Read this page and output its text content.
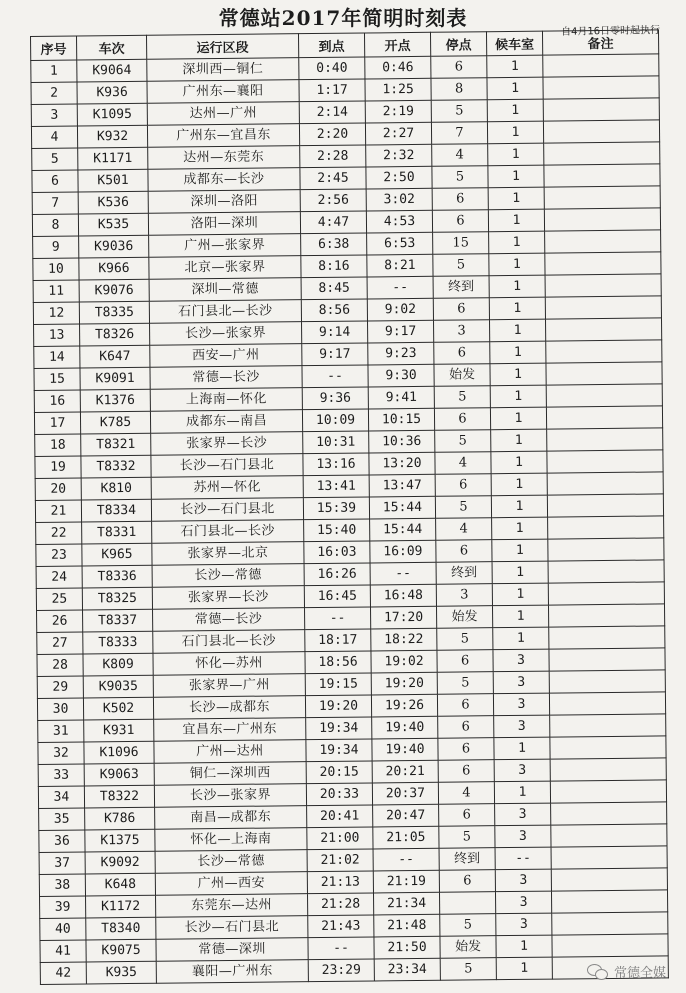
常德站2017年简明时刻表
自4月16日零时起执行
序号	车次	运行区段	到点	开点	停点	候车室	备注
1	K9064	深圳西—铜仁	0:40	0:46	6	1	
2	K936	广州东—襄阳	1:17	1:25	8	1	
3	K1095	达州—广州	2:14	2:19	5	1	
4	K932	广州东—宜昌东	2:20	2:27	7	1	
5	K1171	达州—东莞东	2:28	2:32	4	1	
6	K501	成都东—长沙	2:45	2:50	5	1	
7	K536	深圳—洛阳	2:56	3:02	6	1	
8	K535	洛阳—深圳	4:47	4:53	6	1	
9	K9036	广州—张家界	6:38	6:53	15	1	
10	K966	北京—张家界	8:16	8:21	5	1	
11	K9076	深圳—常德	8:45	--	终到	1	
12	T8335	石门县北—长沙	8:56	9:02	6	1	
13	T8326	长沙—张家界	9:14	9:17	3	1	
14	K647	西安—广州	9:17	9:23	6	1	
15	K9091	常德—长沙	--	9:30	始发	1	
16	K1376	上海南—怀化	9:36	9:41	5	1	
17	K785	成都东—南昌	10:09	10:15	6	1	
18	T8321	张家界—长沙	10:31	10:36	5	1	
19	T8332	长沙—石门县北	13:16	13:20	4	1	
20	K810	苏州—怀化	13:41	13:47	6	1	
21	T8334	长沙—石门县北	15:39	15:44	5	1	
22	T8331	石门县北—长沙	15:40	15:44	4	1	
23	K965	张家界—北京	16:03	16:09	6	1	
24	T8336	长沙—常德	16:26	--	终到	1	
25	T8325	张家界—长沙	16:45	16:48	3	1	
26	T8337	常德—长沙	--	17:20	始发	1	
27	T8333	石门县北—长沙	18:17	18:22	5	1	
28	K809	怀化—苏州	18:56	19:02	6	3	
29	K9035	张家界—广州	19:15	19:20	5	3	
30	K502	长沙—成都东	19:20	19:26	6	3	
31	K931	宜昌东—广州东	19:34	19:40	6	3	
32	K1096	广州—达州	19:34	19:40	6	1	
33	K9063	铜仁—深圳西	20:15	20:21	6	3	
34	T8322	长沙—张家界	20:33	20:37	4	1	
35	K786	南昌—成都东	20:41	20:47	6	3	
36	K1375	怀化—上海南	21:00	21:05	5	3	
37	K9092	长沙—常德	21:02	--	终到	--	
38	K648	广州—西安	21:13	21:19	6	3	
39	K1172	东莞东—达州	21:28	21:34		3	
40	T8340	长沙—石门县北	21:43	21:48	5	3	
41	K9075	常德—深圳	--	21:50	始发	1	
42	K935	襄阳—广州东	23:29	23:34	5	1		常德全媒
